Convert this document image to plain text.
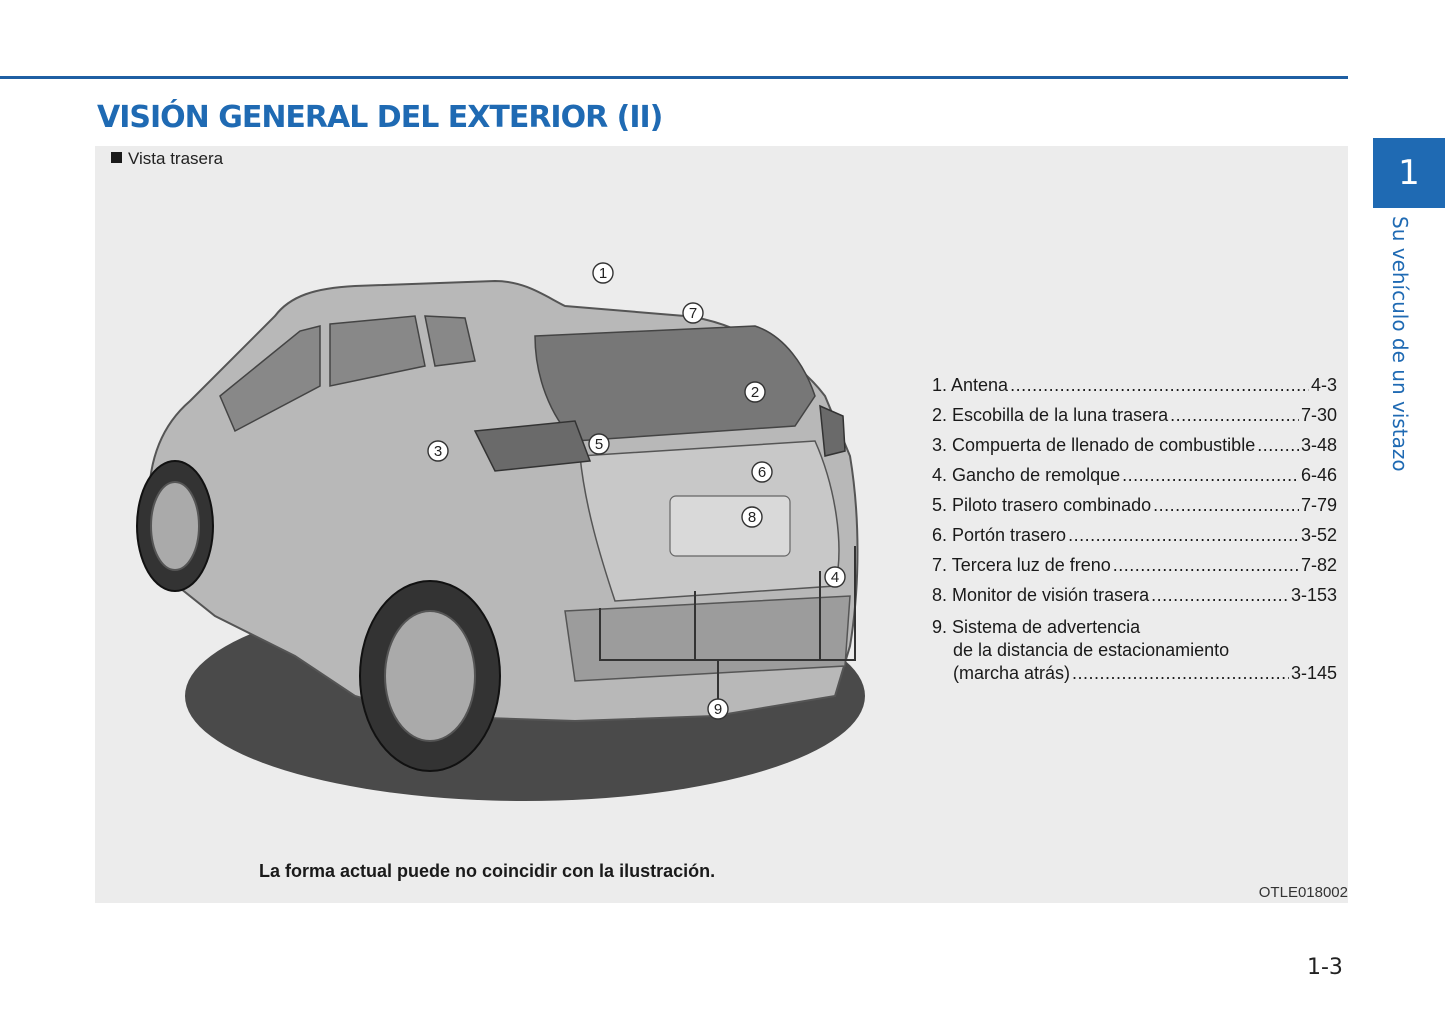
VISIÓN GENERAL DEL EXTERIOR (II)
1
Su vehículo de un vistazo
Vista trasera
1
2
3
4
5
6
7
8
9
1. Antena .....	4-3
2. Escobilla de la luna trasera .....	7-30
3. Compuerta de llenado de combustible .....	3-48
4. Gancho de remolque .....	6-46
5. Piloto trasero combinado .....	7-79
6. Portón trasero .....	3-52
7. Tercera luz de freno .....	7-82
8. Monitor de visión trasera .....	3-153
9. Sistema de advertencia
de la distancia de estacionamiento
(marcha atrás) .....	3-145
La forma actual puede no coincidir con la ilustración.
OTLE018002
1-3
